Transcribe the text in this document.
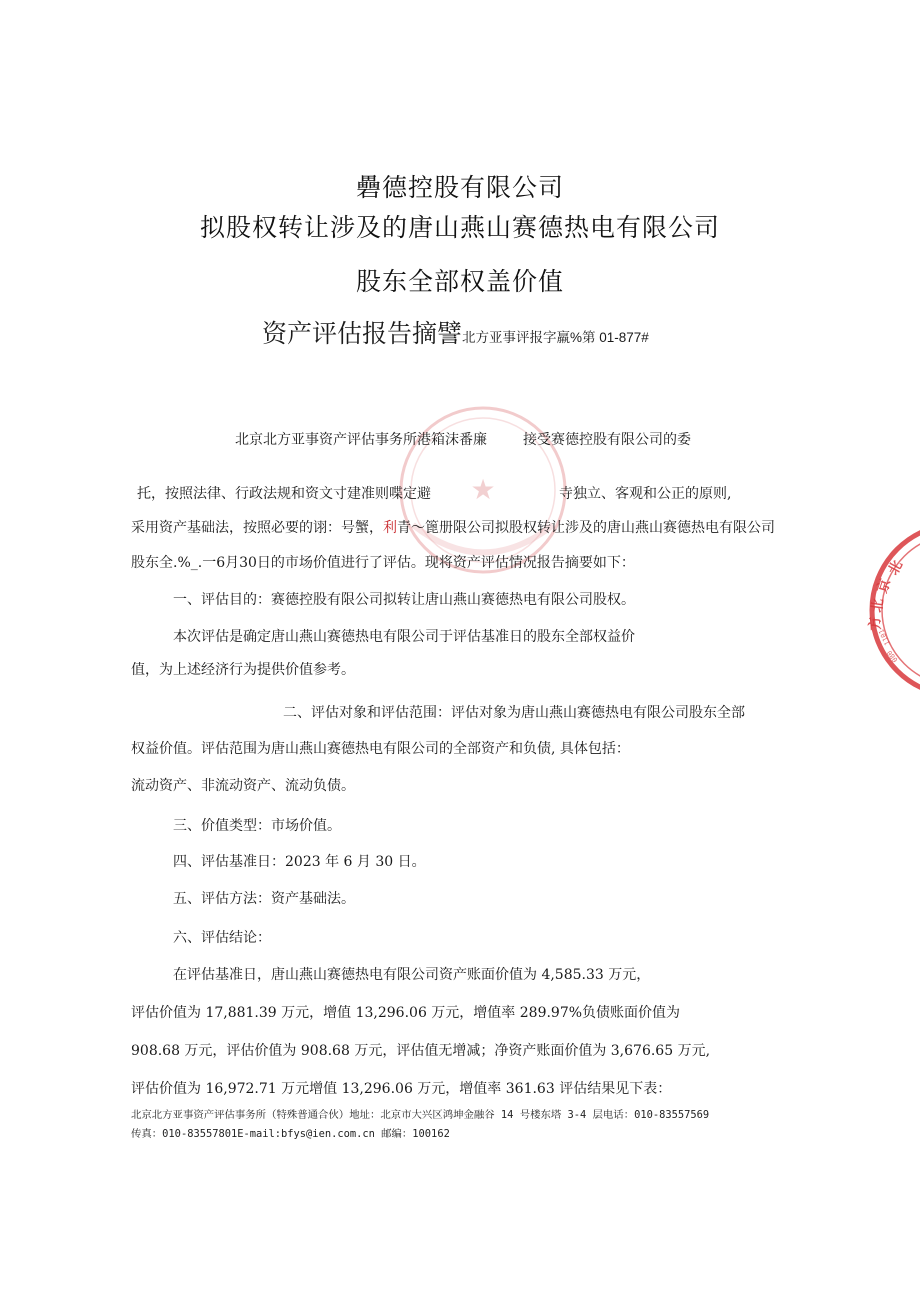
礨德控股有限公司
拟股权转让涉及的唐山燕山赛德热电有限公司
股东全部权盖价值
资产评估报告摘譬北方亚事评报字羸%第 01-877#
★
北京北方亚事资产评估事务所港箱沫番廉	接受赛德控股有限公司的委
托，按照法律、行政法规和资文寸建准则喋定避	寺独立、客观和公正的原则,
采用资产基础法，按照必要的诩：号蟹，利青～篦册限公司拟股权转让涉及的唐山燕山赛德热电有限公司
股东全.%_.一6月30日的市场价值进行了评估。现将资产评估情况报告摘要如下：
一、评估目的：赛德控股有限公司拟转让唐山燕山赛德热电有限公司股权。
本次评估是确定唐山燕山赛德热电有限公司于评估基准日的股东全部权益价
值，为上述经济行为提供价值参考。
二、评估对象和评估范围：评估对象为唐山燕山赛德热电有限公司股东全部
权益价值。评估范围为唐山燕山赛德热电有限公司的全部资产和负债, 具体包括：
流动资产、非流动资产、流动负债。
三、价值类型：市场价值。
四、评估基准日：2023 年 6 月 30 日。
五、评估方法：资产基础法。
六、评估结论：
在评估基准日，唐山燕山赛德热电有限公司资产账面价值为 4,585.33 万元，
评估价值为 17,881.39 万元，增值 13,296.06 万元，增值率 289.97%负债账面价值为
908.68 万元，评估价值为 908.68 万元，评估值无增减；净资产账面价值为 3,676.65 万元,
评估价值为 16,972.71 万元增值 13,296.06 万元，增值率 361.63 评估结果见下表：
北京北方亚事资产评估事务所（特殊普通合伙）地址：北京市大兴区鸿坤金融谷 14 号楼东塔 3-4 层电话：010-83557569
传真：010-83557801E-mail:bfys@ien.com.cn 邮编：100162
北
京
北
方
1101
080
